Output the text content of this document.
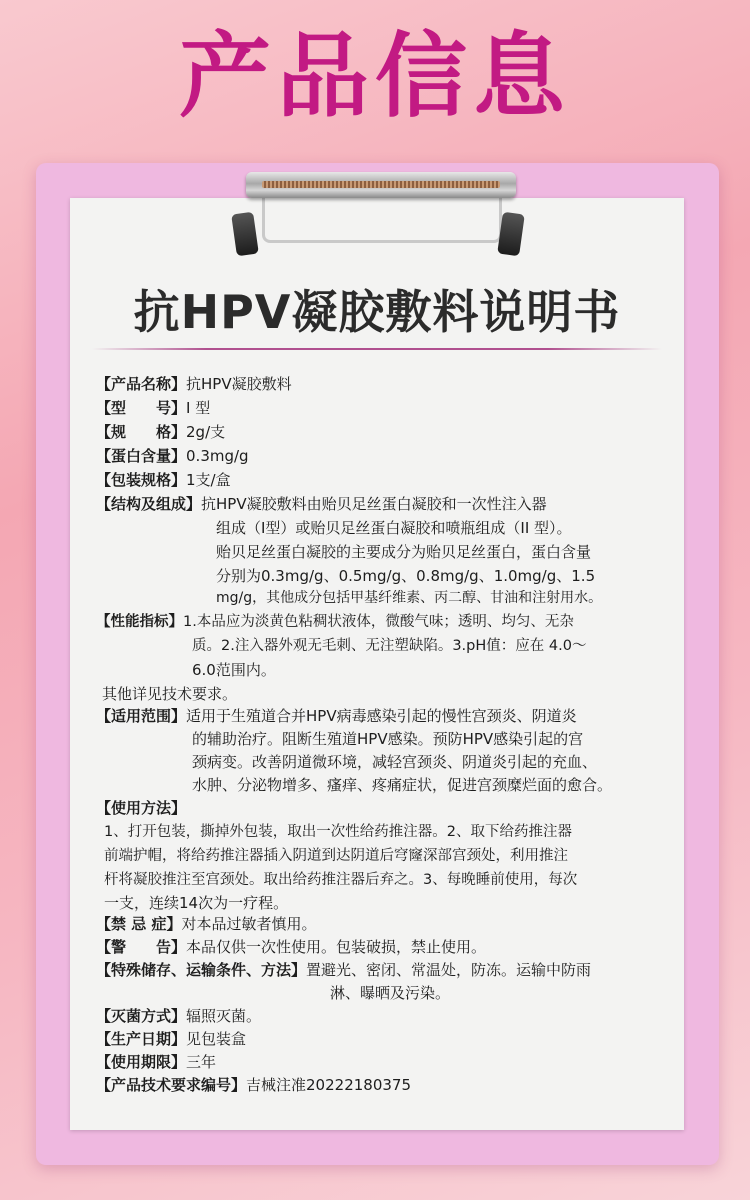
产品信息
抗HPV凝胶敷料说明书
【产品名称】抗HPV凝胶敷料
【型　　号】I 型
【规　　格】2g/支
【蛋白含量】0.3mg/g
【包装规格】1支/盒
【结构及组成】抗HPV凝胶敷料由贻贝足丝蛋白凝胶和一次性注入器
组成（Ⅰ型）或贻贝足丝蛋白凝胶和喷瓶组成（II 型）。
贻贝足丝蛋白凝胶的主要成分为贻贝足丝蛋白，蛋白含量
分别为0.3mg/g、0.5mg/g、0.8mg/g、1.0mg/g、1.5
mg/g，其他成分包括甲基纤维素、丙二醇、甘油和注射用水。
【性能指标】1.本品应为淡黄色粘稠状液体，微酸气味；透明、均匀、无杂
质。2.注入器外观无毛刺、无注塑缺陷。3.pH值：应在 4.0～
6.0范围内。
其他详见技术要求。
【适用范围】适用于生殖道合并HPV病毒感染引起的慢性宫颈炎、阴道炎
的辅助治疗。阻断生殖道HPV感染。预防HPV感染引起的宫
颈病变。改善阴道微环境，减轻宫颈炎、阴道炎引起的充血、
水肿、分泌物增多、瘙痒、疼痛症状，促进宫颈糜烂面的愈合。
【使用方法】
1、打开包装，撕掉外包装，取出一次性给药推注器。2、取下给药推注器
前端护帽，将给药推注器插入阴道到达阴道后穹窿深部宫颈处，利用推注
杆将凝胶推注至宫颈处。取出给药推注器后弃之。3、每晚睡前使用，每次
一支，连续14次为一疗程。
【禁 忌 症】对本品过敏者慎用。
【警　　告】本品仅供一次性使用。包装破损，禁止使用。
【特殊储存、运输条件、方法】置避光、密闭、常温处，防冻。运输中防雨
淋、曝晒及污染。
【灭菌方式】辐照灭菌。
【生产日期】见包装盒
【使用期限】三年
【产品技术要求编号】吉械注准20222180375
